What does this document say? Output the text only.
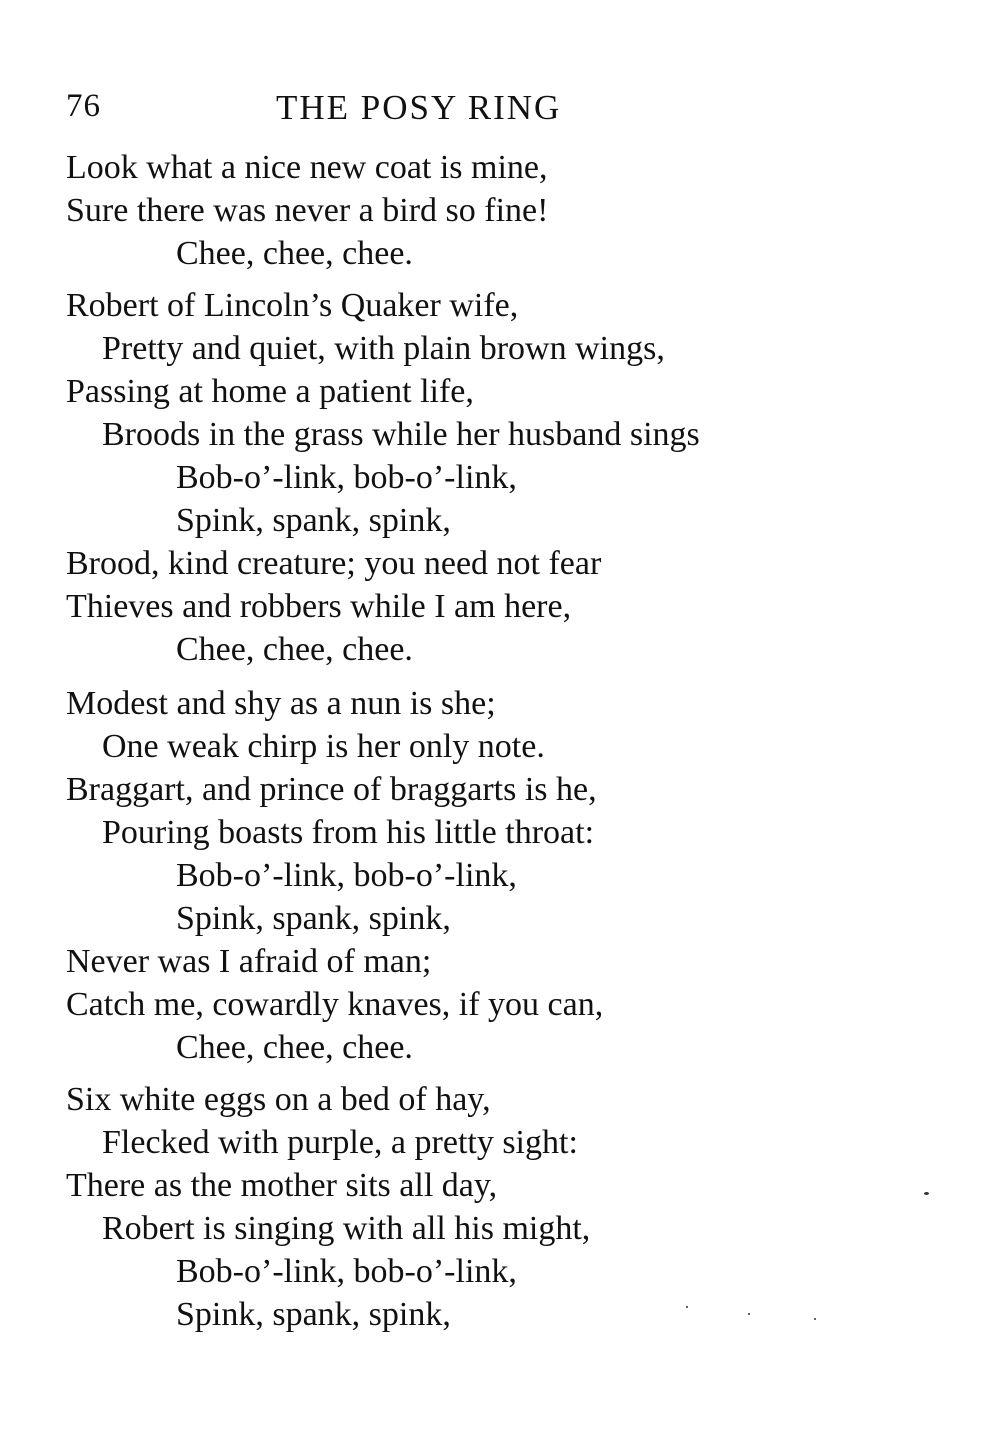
76	THE POSY RING
Look what a nice new coat is mine,
Sure there was never a bird so fine!
Chee, chee, chee.
Robert of Lincoln’s Quaker wife,
Pretty and quiet, with plain brown wings,
Passing at home a patient life,
Broods in the grass while her husband sings
Bob-o’-link, bob-o’-link,
Spink, spank, spink,
Brood, kind creature; you need not fear
Thieves and robbers while I am here,
Chee, chee, chee.
Modest and shy as a nun is she;
One weak chirp is her only note.
Braggart, and prince of braggarts is he,
Pouring boasts from his little throat:
Bob-o’-link, bob-o’-link,
Spink, spank, spink,
Never was I afraid of man;
Catch me, cowardly knaves, if you can,
Chee, chee, chee.
Six white eggs on a bed of hay,
Flecked with purple, a pretty sight:
There as the mother sits all day,
Robert is singing with all his might,
Bob-o’-link, bob-o’-link,
Spink, spank, spink,
